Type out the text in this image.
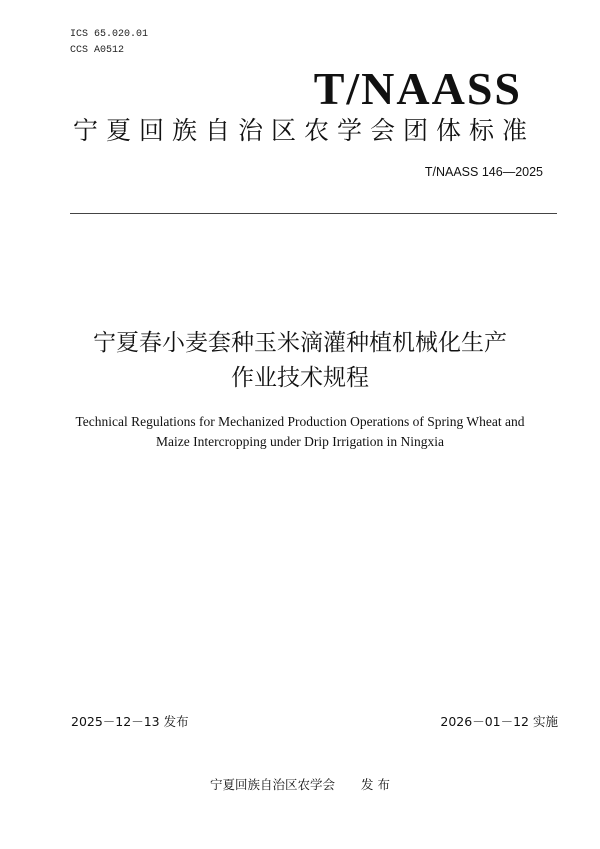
ICS 65.020.01
CCS A0512
T/NAASS
宁夏回族自治区农学会团体标准
T/NAASS 146—2025
宁夏春小麦套种玉米滴灌种植机械化生产
作业技术规程
Technical Regulations for Mechanized Production Operations of Spring Wheat and
Maize Intercropping under Drip Irrigation in Ningxia
2025－12－13 发布	2026－01－12 实施
宁夏回族自治区农学会 发 布
